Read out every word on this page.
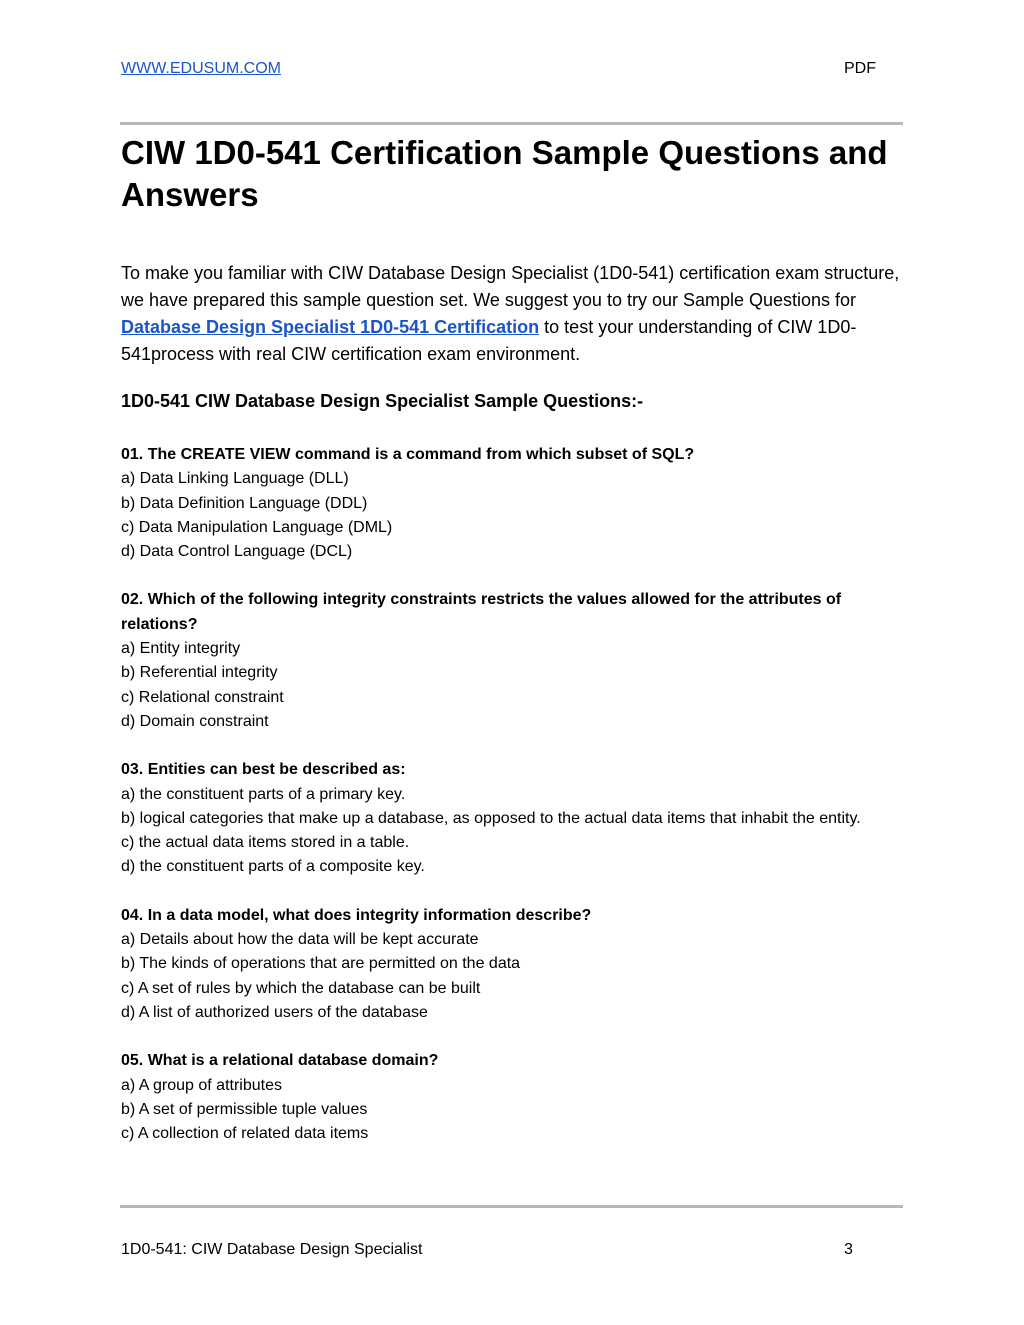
WWW.EDUSUM.COM	PDF
CIW 1D0-541 Certification Sample Questions and Answers

To make you familiar with CIW Database Design Specialist (1D0-541) certification exam structure, we have prepared this sample question set. We suggest you to try our Sample Questions for Database Design Specialist 1D0-541 Certification to test your understanding of CIW 1D0-541process with real CIW certification exam environment.

1D0-541 CIW Database Design Specialist Sample Questions:-
01. The CREATE VIEW command is a command from which subset of SQL?
a) Data Linking Language (DLL)
b) Data Definition Language (DDL)
c) Data Manipulation Language (DML)
d) Data Control Language (DCL)
02. Which of the following integrity constraints restricts the values allowed for the attributes of relations?
a) Entity integrity
b) Referential integrity
c) Relational constraint
d) Domain constraint
03. Entities can best be described as:
a) the constituent parts of a primary key.
b) logical categories that make up a database, as opposed to the actual data items that inhabit the entity.
c) the actual data items stored in a table.
d) the constituent parts of a composite key.
04. In a data model, what does integrity information describe?
a) Details about how the data will be kept accurate
b) The kinds of operations that are permitted on the data
c) A set of rules by which the database can be built
d) A list of authorized users of the database
05. What is a relational database domain?
a) A group of attributes
b) A set of permissible tuple values
c) A collection of related data items
1D0-541: CIW Database Design Specialist	3
